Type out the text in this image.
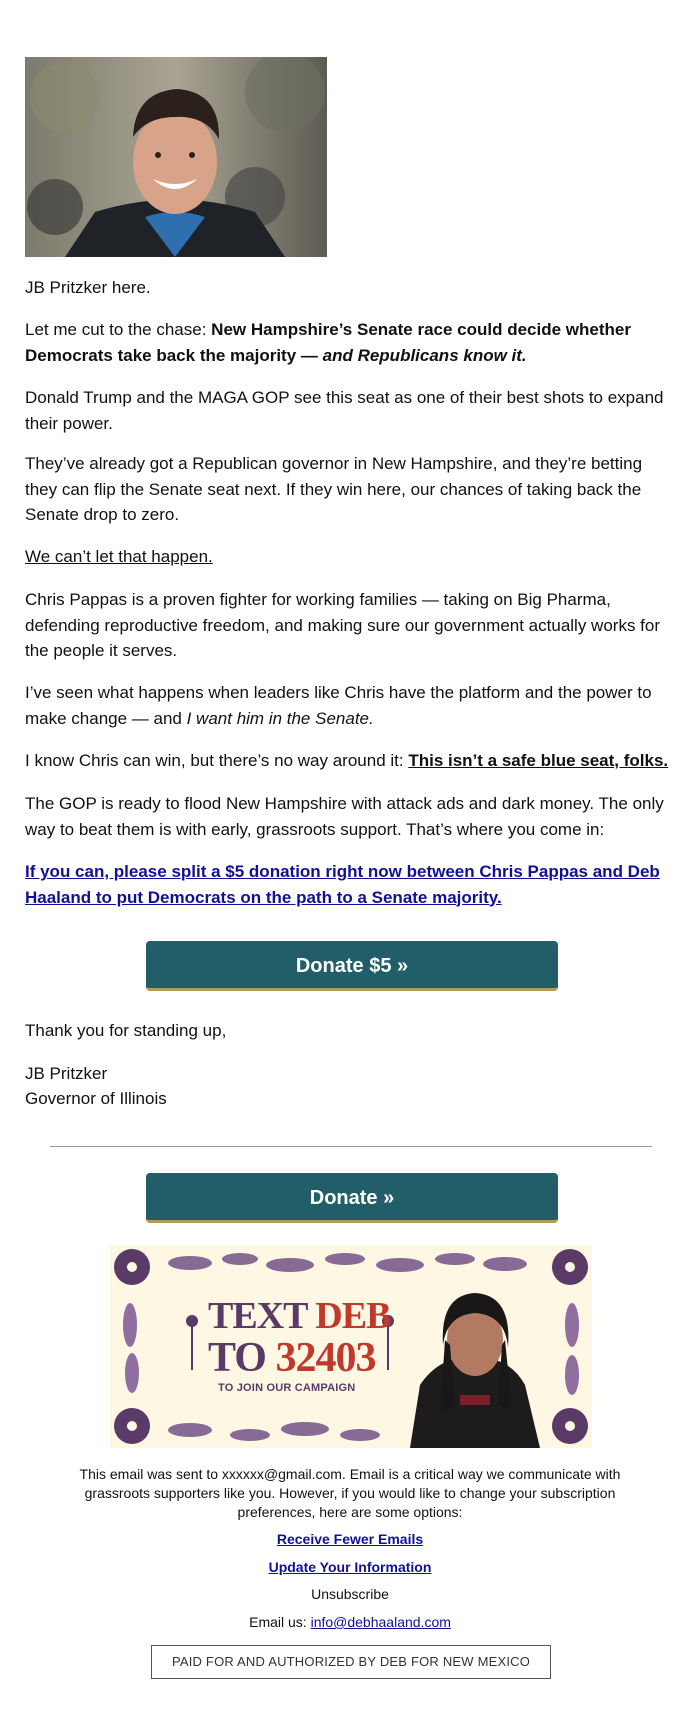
JB Pritzker here.

Let me cut to the chase: New Hampshire’s Senate race could decide whether Democrats take back the majority — and Republicans know it.

Donald Trump and the MAGA GOP see this seat as one of their best shots to expand their power.

They’ve already got a Republican governor in New Hampshire, and they’re betting they can flip the Senate seat next. If they win here, our chances of taking back the Senate drop to zero.

We can’t let that happen.

Chris Pappas is a proven fighter for working families — taking on Big Pharma, defending reproductive freedom, and making sure our government actually works for the people it serves.

I’ve seen what happens when leaders like Chris have the platform and the power to make change — and I want him in the Senate.

I know Chris can win, but there’s no way around it: This isn’t a safe blue seat, folks.

The GOP is ready to flood New Hampshire with attack ads and dark money. The only way to beat them is with early, grassroots support. That’s where you come in:

If you can, please split a $5 donation right now between Chris Pappas and Deb Haaland to put Democrats on the path to a Senate majority.

Donate $5 »

Thank you for standing up,

JB Pritzker

Governor of Illinois

Donate »
TEXT DEB
TO 32403
TO JOIN OUR CAMPAIGN
This email was sent to xxxxxx@gmail.com. Email is a critical way we communicate with grassroots supporters like you. However, if you would like to change your subscription preferences, here are some options:
Receive Fewer Emails
Update Your Information
Unsubscribe
Email us: info@debhaaland.com
PAID FOR AND AUTHORIZED BY DEB FOR NEW MEXICO
